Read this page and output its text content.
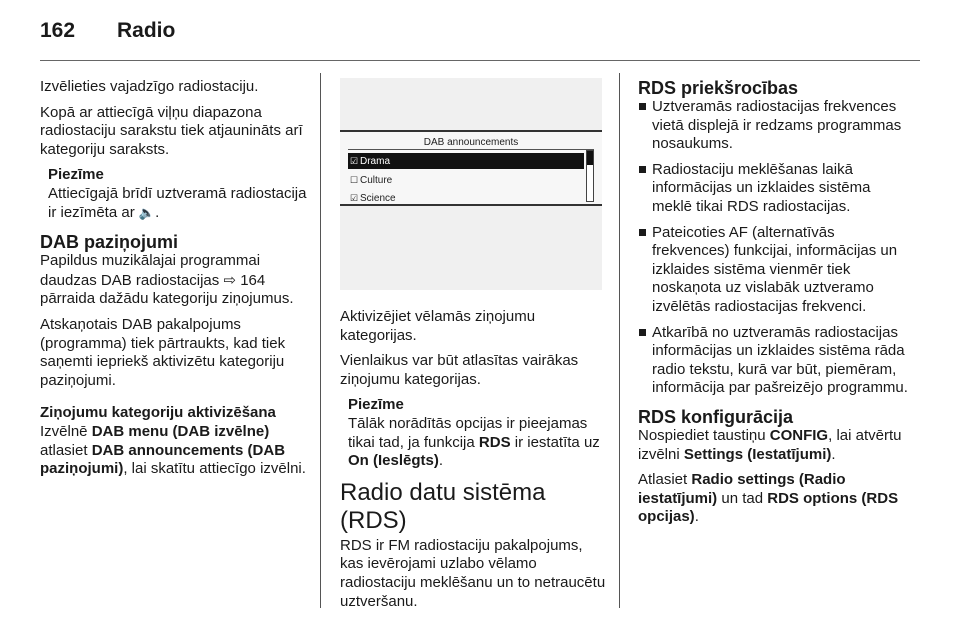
162 Radio

Izvēlieties vajadzīgo radiostaciju.

Kopā ar attiecīgā viļņu diapazona radiostaciju sarakstu tiek atjaunināts arī kategoriju saraksts.

Piezīme
Attiecīgajā brīdī uztveramā radiostacija ir iezīmēta ar 🔈.
DAB paziņojumi

Papildus muzikālajai programmai daudzas DAB radiostacijas ⇨ 164 pārraida dažādu kategoriju ziņojumus.

Atskaņotais DAB pakalpojums (programma) tiek pārtraukts, kad tiek saņemti iepriekš aktivizētu kategoriju paziņojumi.

Ziņojumu kategoriju aktivizēšana

Izvēlnē DAB menu (DAB izvēlne) atlasiet DAB announcements (DAB paziņojumi), lai skatītu attiecīgo izvēlni.

DAB announcements
☑ Drama
☐ Culture
☑ Science

Aktivizējiet vēlamās ziņojumu kategorijas.

Vienlaikus var būt atlasītas vairākas ziņojumu kategorijas.

Piezīme
Tālāk norādītās opcijas ir pieejamas tikai tad, ja funkcija RDS ir iestatīta uz On (Ieslēgts).
Radio datu sistēma (RDS)

RDS ir FM radiostaciju pakalpojums, kas ievērojami uzlabo vēlamo radiostaciju meklēšanu un to netraucētu uztveršanu.

RDS priekšrocības
Uztveramās radiostacijas frekvences vietā displejā ir redzams programmas nosaukums.
Radiostaciju meklēšanas laikā informācijas un izklaides sistēma meklē tikai RDS radiostacijas.
Pateicoties AF (alternatīvās frekvences) funkcijai, informācijas un izklaides sistēma vienmēr tiek noskaņota uz vislabāk uztveramo izvēlētās radiostacijas frekvenci.
Atkarībā no uztveramās radiostacijas informācijas un izklaides sistēma rāda radio tekstu, kurā var būt, piemēram, informācija par pašreizējo programmu.
RDS konfigurācija

Nospiediet taustiņu CONFIG, lai atvērtu izvēlni Settings (Iestatījumi).

Atlasiet Radio settings (Radio iestatījumi) un tad RDS options (RDS opcijas).
